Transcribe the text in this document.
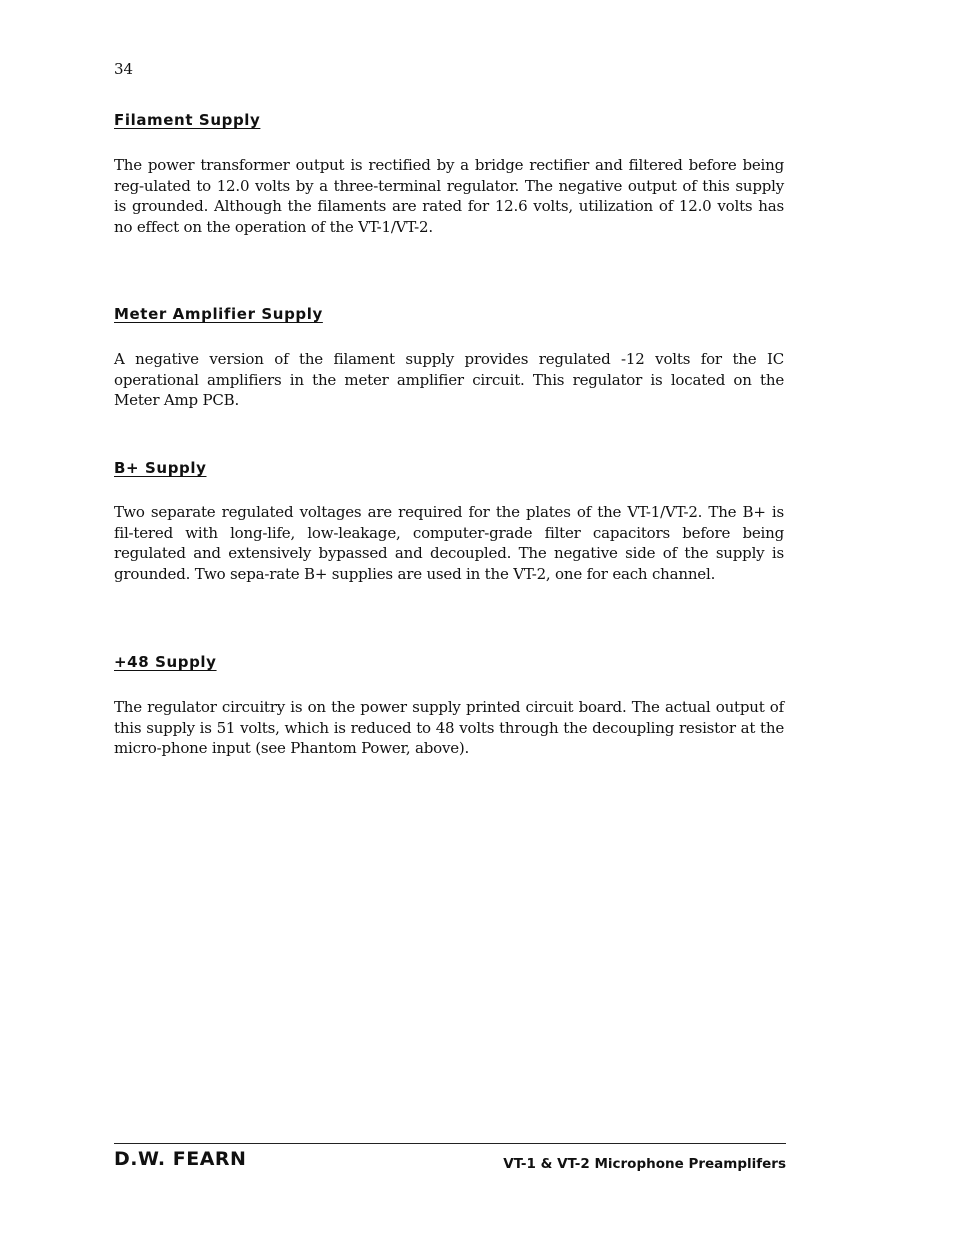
34
Filament Supply

The power transformer output is rectified by a bridge rectifier and filtered before being reg-ulated to 12.0 volts by a three-terminal regulator. The negative output of this supply is grounded. Although the filaments are rated for 12.6 volts, utilization of 12.0 volts has no effect on the operation of the VT-1/VT-2.

Meter Amplifier Supply

A negative version of the filament supply provides regulated -12 volts for the IC operational amplifiers in the meter amplifier circuit. This regulator is located on the Meter Amp PCB.

B+ Supply

Two separate regulated voltages are required for the plates of the VT-1/VT-2. The B+ is fil-tered with long-life, low-leakage, computer-grade filter capacitors before being regulated and extensively bypassed and decoupled. The negative side of the supply is grounded. Two sepa-rate B+ supplies are used in the VT-2, one for each channel.

+48 Supply

The regulator circuitry is on the power supply printed circuit board. The actual output of this supply is 51 volts, which is reduced to 48 volts through the decoupling resistor at the micro-phone input (see Phantom Power, above).

D.W. FEARN	VT-1 & VT-2 Microphone Preamplifers
